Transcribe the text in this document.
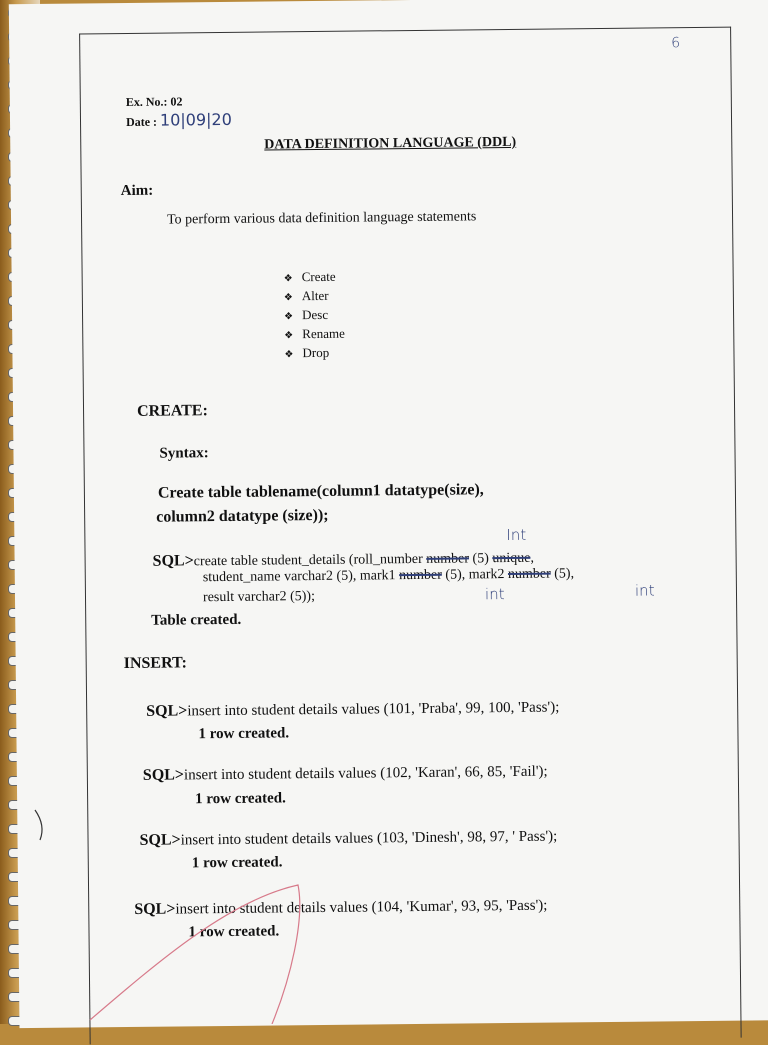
6
Ex. No.: 02
Date : 10|09|20
DATA DEFINITION LANGUAGE (DDL)
Aim:
To perform various data definition language statements
❖ Create
❖ Alter
❖ Desc
❖ Rename
❖ Drop
CREATE:
Syntax:
Create table tablename(column1 datatype(size),
column2 datatype (size));
Int
SQL>create table student_details (roll_number number (5) unique,
student_name varchar2 (5), mark1 number (5), mark2 number (5),
result varchar2 (5));	int	int
Table created.
INSERT:
SQL>insert into student details values (101, 'Praba', 99, 100, 'Pass');
1 row created.
SQL>insert into student details values (102, 'Karan', 66, 85, 'Fail');
1 row created.
SQL>insert into student details values (103, 'Dinesh', 98, 97, ' Pass');
1 row created.
SQL>insert into student details values (104, 'Kumar', 93, 95, 'Pass');
1 row created.
